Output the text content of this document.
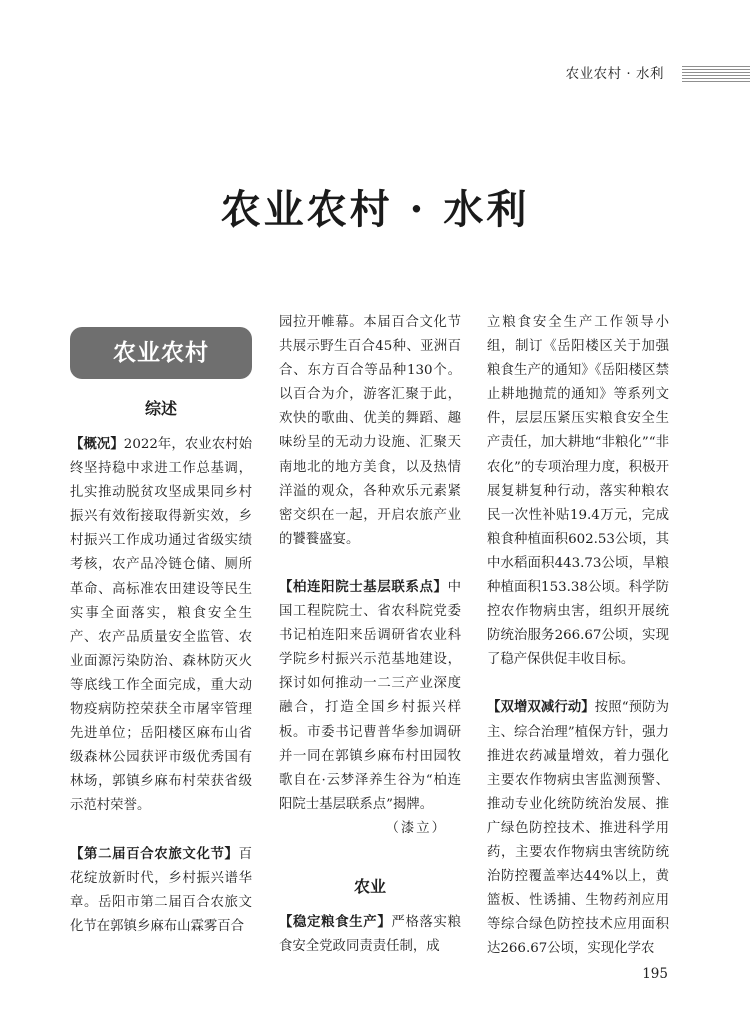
农业农村 · 水利
农业农村 · 水利
农业农村
综述

【概况】2022年，农业农村始终坚持稳中求进工作总基调，扎实推动脱贫攻坚成果同乡村振兴有效衔接取得新实效，乡村振兴工作成功通过省级实绩考核，农产品冷链仓储、厕所革命、高标准农田建设等民生实事全面落实，粮食安全生产、农产品质量安全监管、农业面源污染防治、森林防灭火等底线工作全面完成，重大动物疫病防控荣获全市屠宰管理先进单位；岳阳楼区麻布山省级森林公园获评市级优秀国有林场，郭镇乡麻布村荣获省级示范村荣誉。

【第二届百合农旅文化节】百花绽放新时代，乡村振兴谱华章。岳阳市第二届百合农旅文化节在郭镇乡麻布山霖雾百合

园拉开帷幕。本届百合文化节共展示野生百合45种、亚洲百合、东方百合等品种130个。以百合为介，游客汇聚于此，欢快的歌曲、优美的舞蹈、趣味纷呈的无动力设施、汇聚天南地北的地方美食，以及热情洋溢的观众，各种欢乐元素紧密交织在一起，开启农旅产业的饕餮盛宴。

【柏连阳院士基层联系点】中国工程院院士、省农科院党委书记柏连阳来岳调研省农业科学院乡村振兴示范基地建设，探讨如何推动一二三产业深度融合，打造全国乡村振兴样板。市委书记曹普华参加调研并一同在郭镇乡麻布村田园牧歌自在·云梦泽养生谷为“柏连阳院士基层联系点”揭牌。

（漆立）
农业

【稳定粮食生产】严格落实粮食安全党政同责责任制，成

立粮食安全生产工作领导小组，制订《岳阳楼区关于加强粮食生产的通知》《岳阳楼区禁止耕地抛荒的通知》等系列文件，层层压紧压实粮食安全生产责任，加大耕地“非粮化”“非农化”的专项治理力度，积极开展复耕复种行动，落实种粮农民一次性补贴19.4万元，完成粮食种植面积602.53公顷，其中水稻面积443.73公顷，旱粮种植面积153.38公顷。科学防控农作物病虫害，组织开展统防统治服务266.67公顷，实现了稳产保供促丰收目标。

【双增双减行动】按照“预防为主、综合治理”植保方针，强力推进农药减量增效，着力强化主要农作物病虫害监测预警、推动专业化统防统治发展、推广绿色防控技术、推进科学用药，主要农作物病虫害统防统治防控覆盖率达44%以上，黄篮板、性诱捕、生物药剂应用等综合绿色防控技术应用面积达266.67公顷，实现化学农

195
